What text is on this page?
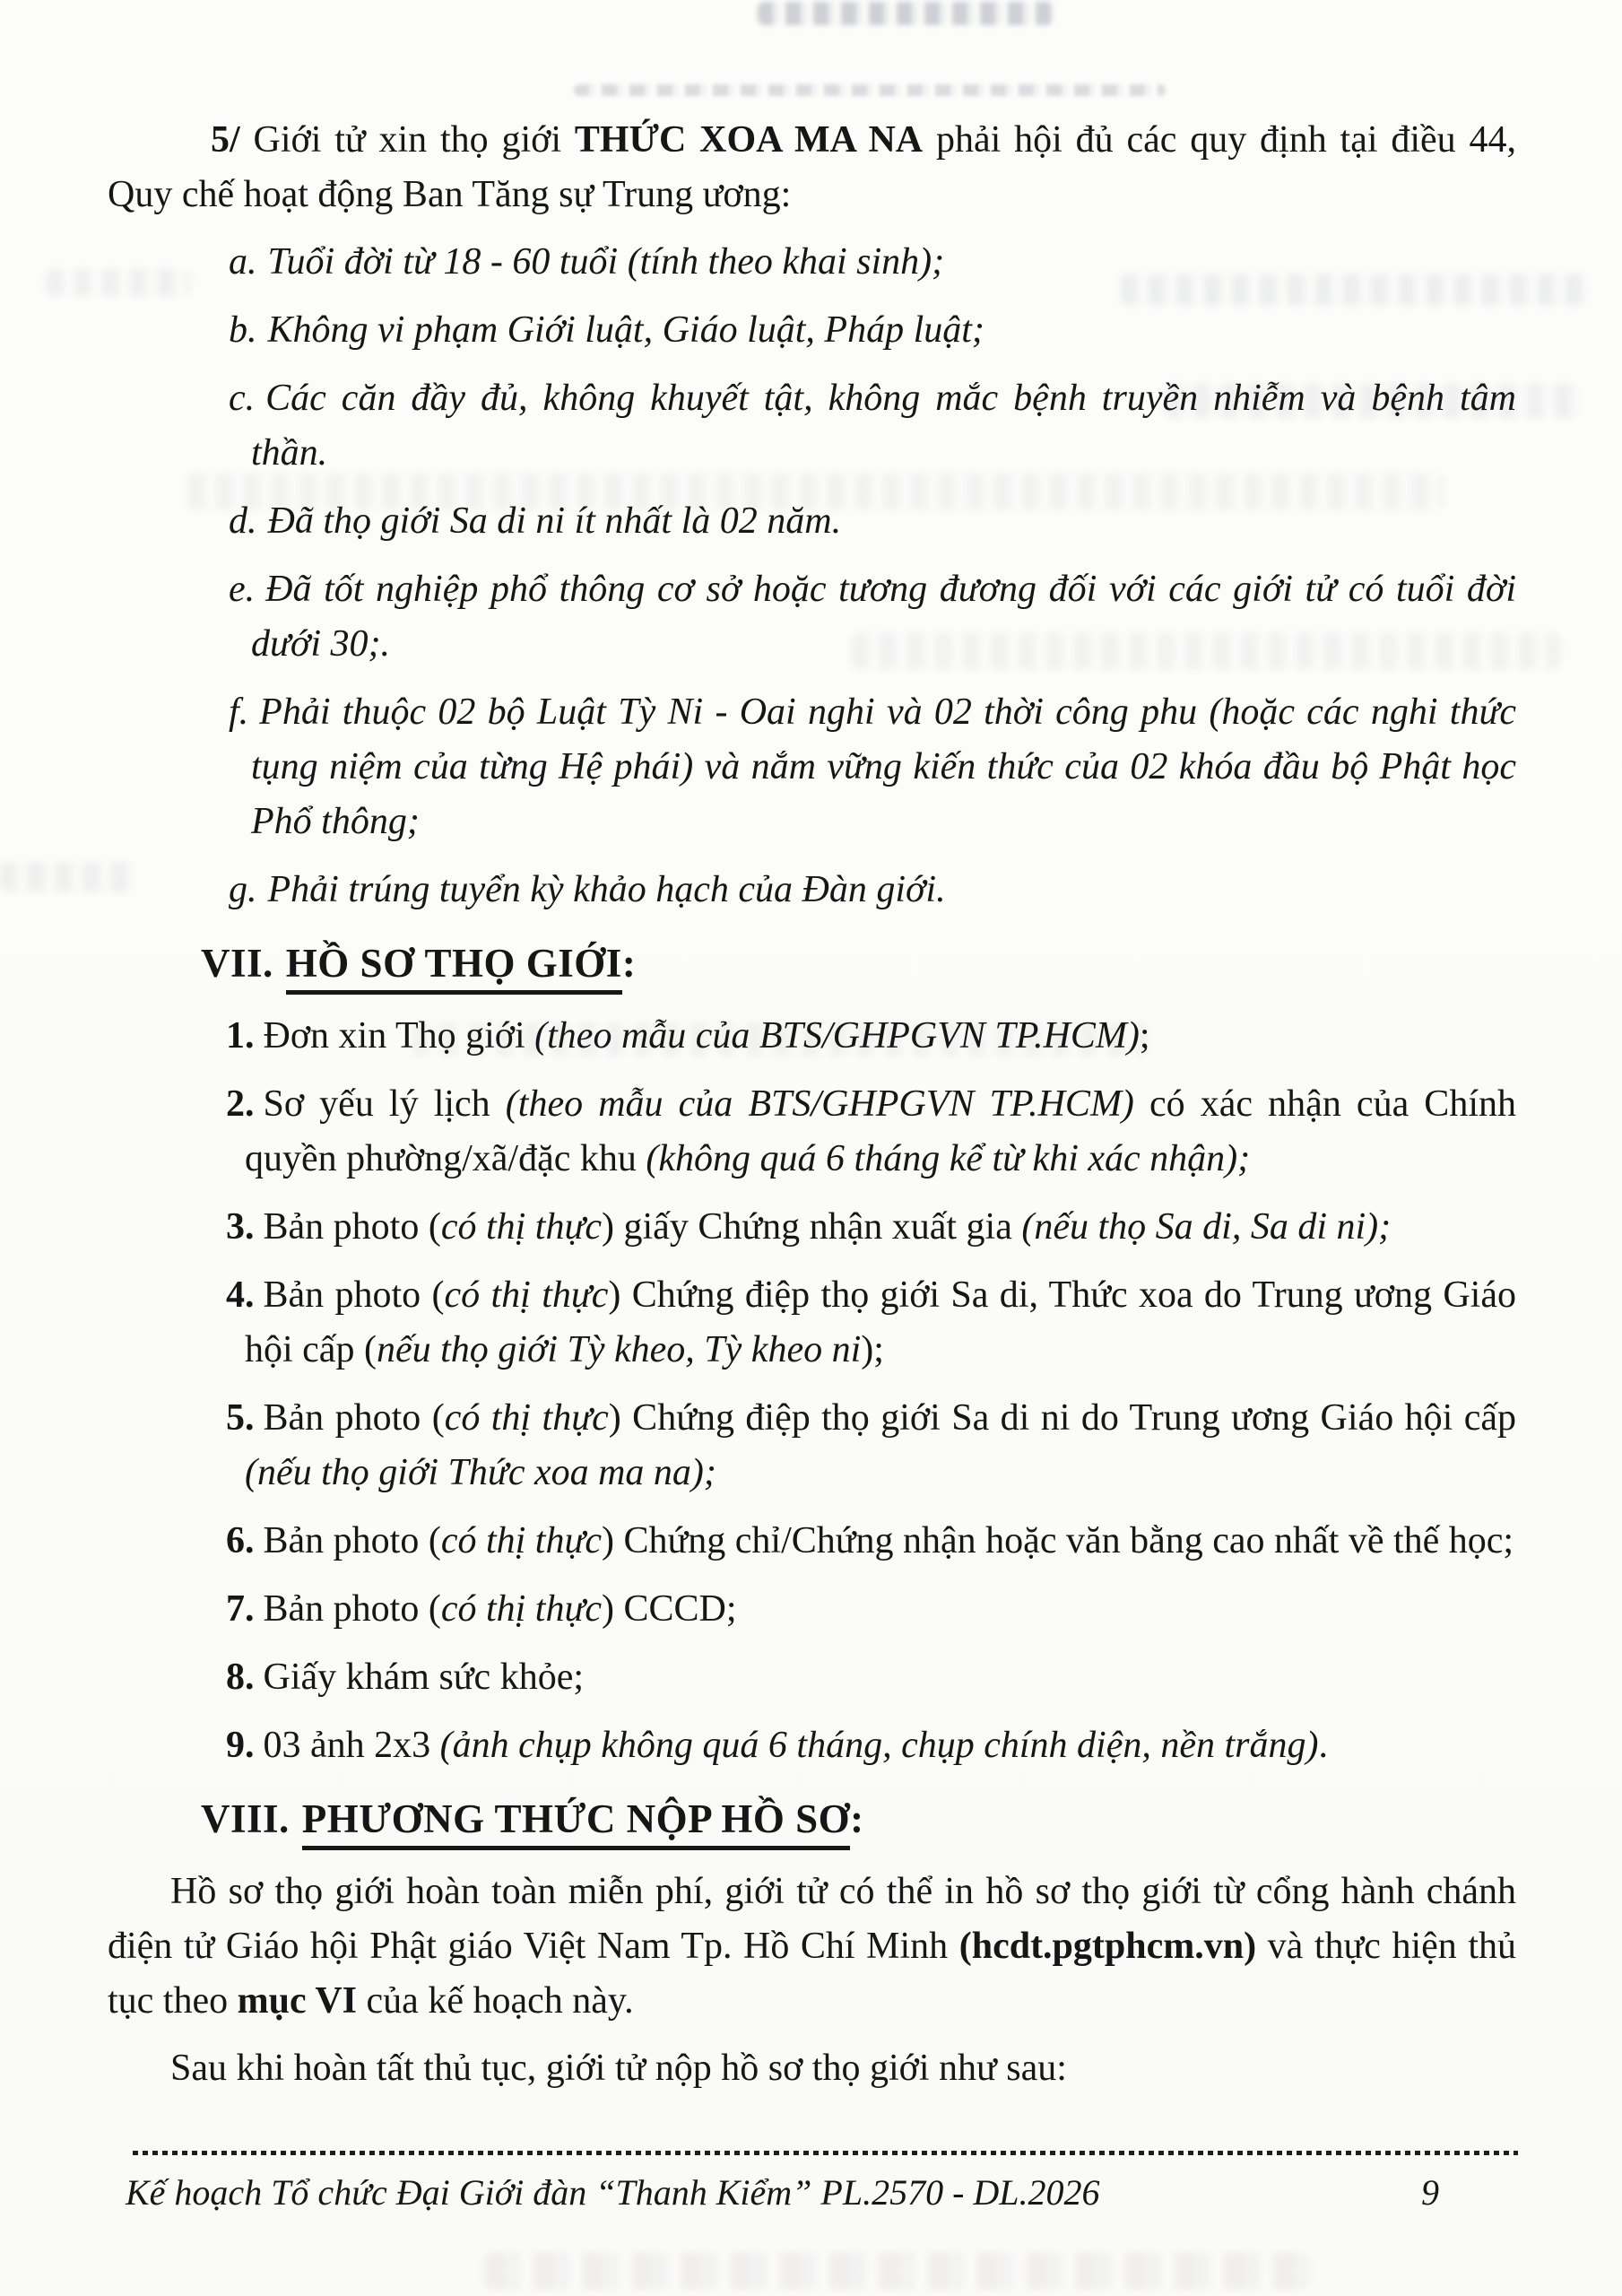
5/ Giới tử xin thọ giới THỨC XOA MA NA phải hội đủ các quy định tại điều 44, Quy chế hoạt động Ban Tăng sự Trung ương:

a. Tuổi đời từ 18 - 60 tuổi (tính theo khai sinh);

b. Không vi phạm Giới luật, Giáo luật, Pháp luật;

c. Các căn đầy đủ, không khuyết tật, không mắc bệnh truyền nhiễm và bệnh tâm thần.

d. Đã thọ giới Sa di ni ít nhất là 02 năm.

e. Đã tốt nghiệp phổ thông cơ sở hoặc tương đương đối với các giới tử có tuổi đời dưới 30;.

f. Phải thuộc 02 bộ Luật Tỳ Ni - Oai nghi và 02 thời công phu (hoặc các nghi thức tụng niệm của từng Hệ phái) và nắm vững kiến thức của 02 khóa đầu bộ Phật học Phổ thông;

g. Phải trúng tuyển kỳ khảo hạch của Đàn giới.

VII. HỒ SƠ THỌ GIỚI:

1. Đơn xin Thọ giới (theo mẫu của BTS/GHPGVN TP.HCM);

2. Sơ yếu lý lịch (theo mẫu của BTS/GHPGVN TP.HCM) có xác nhận của Chính quyền phường/xã/đặc khu (không quá 6 tháng kể từ khi xác nhận);

3. Bản photo (có thị thực) giấy Chứng nhận xuất gia (nếu thọ Sa di, Sa di ni);

4. Bản photo (có thị thực) Chứng điệp thọ giới Sa di, Thức xoa do Trung ương Giáo hội cấp (nếu thọ giới Tỳ kheo, Tỳ kheo ni);

5. Bản photo (có thị thực) Chứng điệp thọ giới Sa di ni do Trung ương Giáo hội cấp (nếu thọ giới Thức xoa ma na);

6. Bản photo (có thị thực) Chứng chỉ/Chứng nhận hoặc văn bằng cao nhất về thế học;

7. Bản photo (có thị thực) CCCD;

8. Giấy khám sức khỏe;

9. 03 ảnh 2x3 (ảnh chụp không quá 6 tháng, chụp chính diện, nền trắng).

VIII. PHƯƠNG THỨC NỘP HỒ SƠ:

Hồ sơ thọ giới hoàn toàn miễn phí, giới tử có thể in hồ sơ thọ giới từ cổng hành chánh điện tử Giáo hội Phật giáo Việt Nam Tp. Hồ Chí Minh (hcdt.pgtphcm.vn) và thực hiện thủ tục theo mục VI của kế hoạch này.

Sau khi hoàn tất thủ tục, giới tử nộp hồ sơ thọ giới như sau:

Kế hoạch Tổ chức Đại Giới đàn “Thanh Kiểm” PL.2570 - DL.2026	9
